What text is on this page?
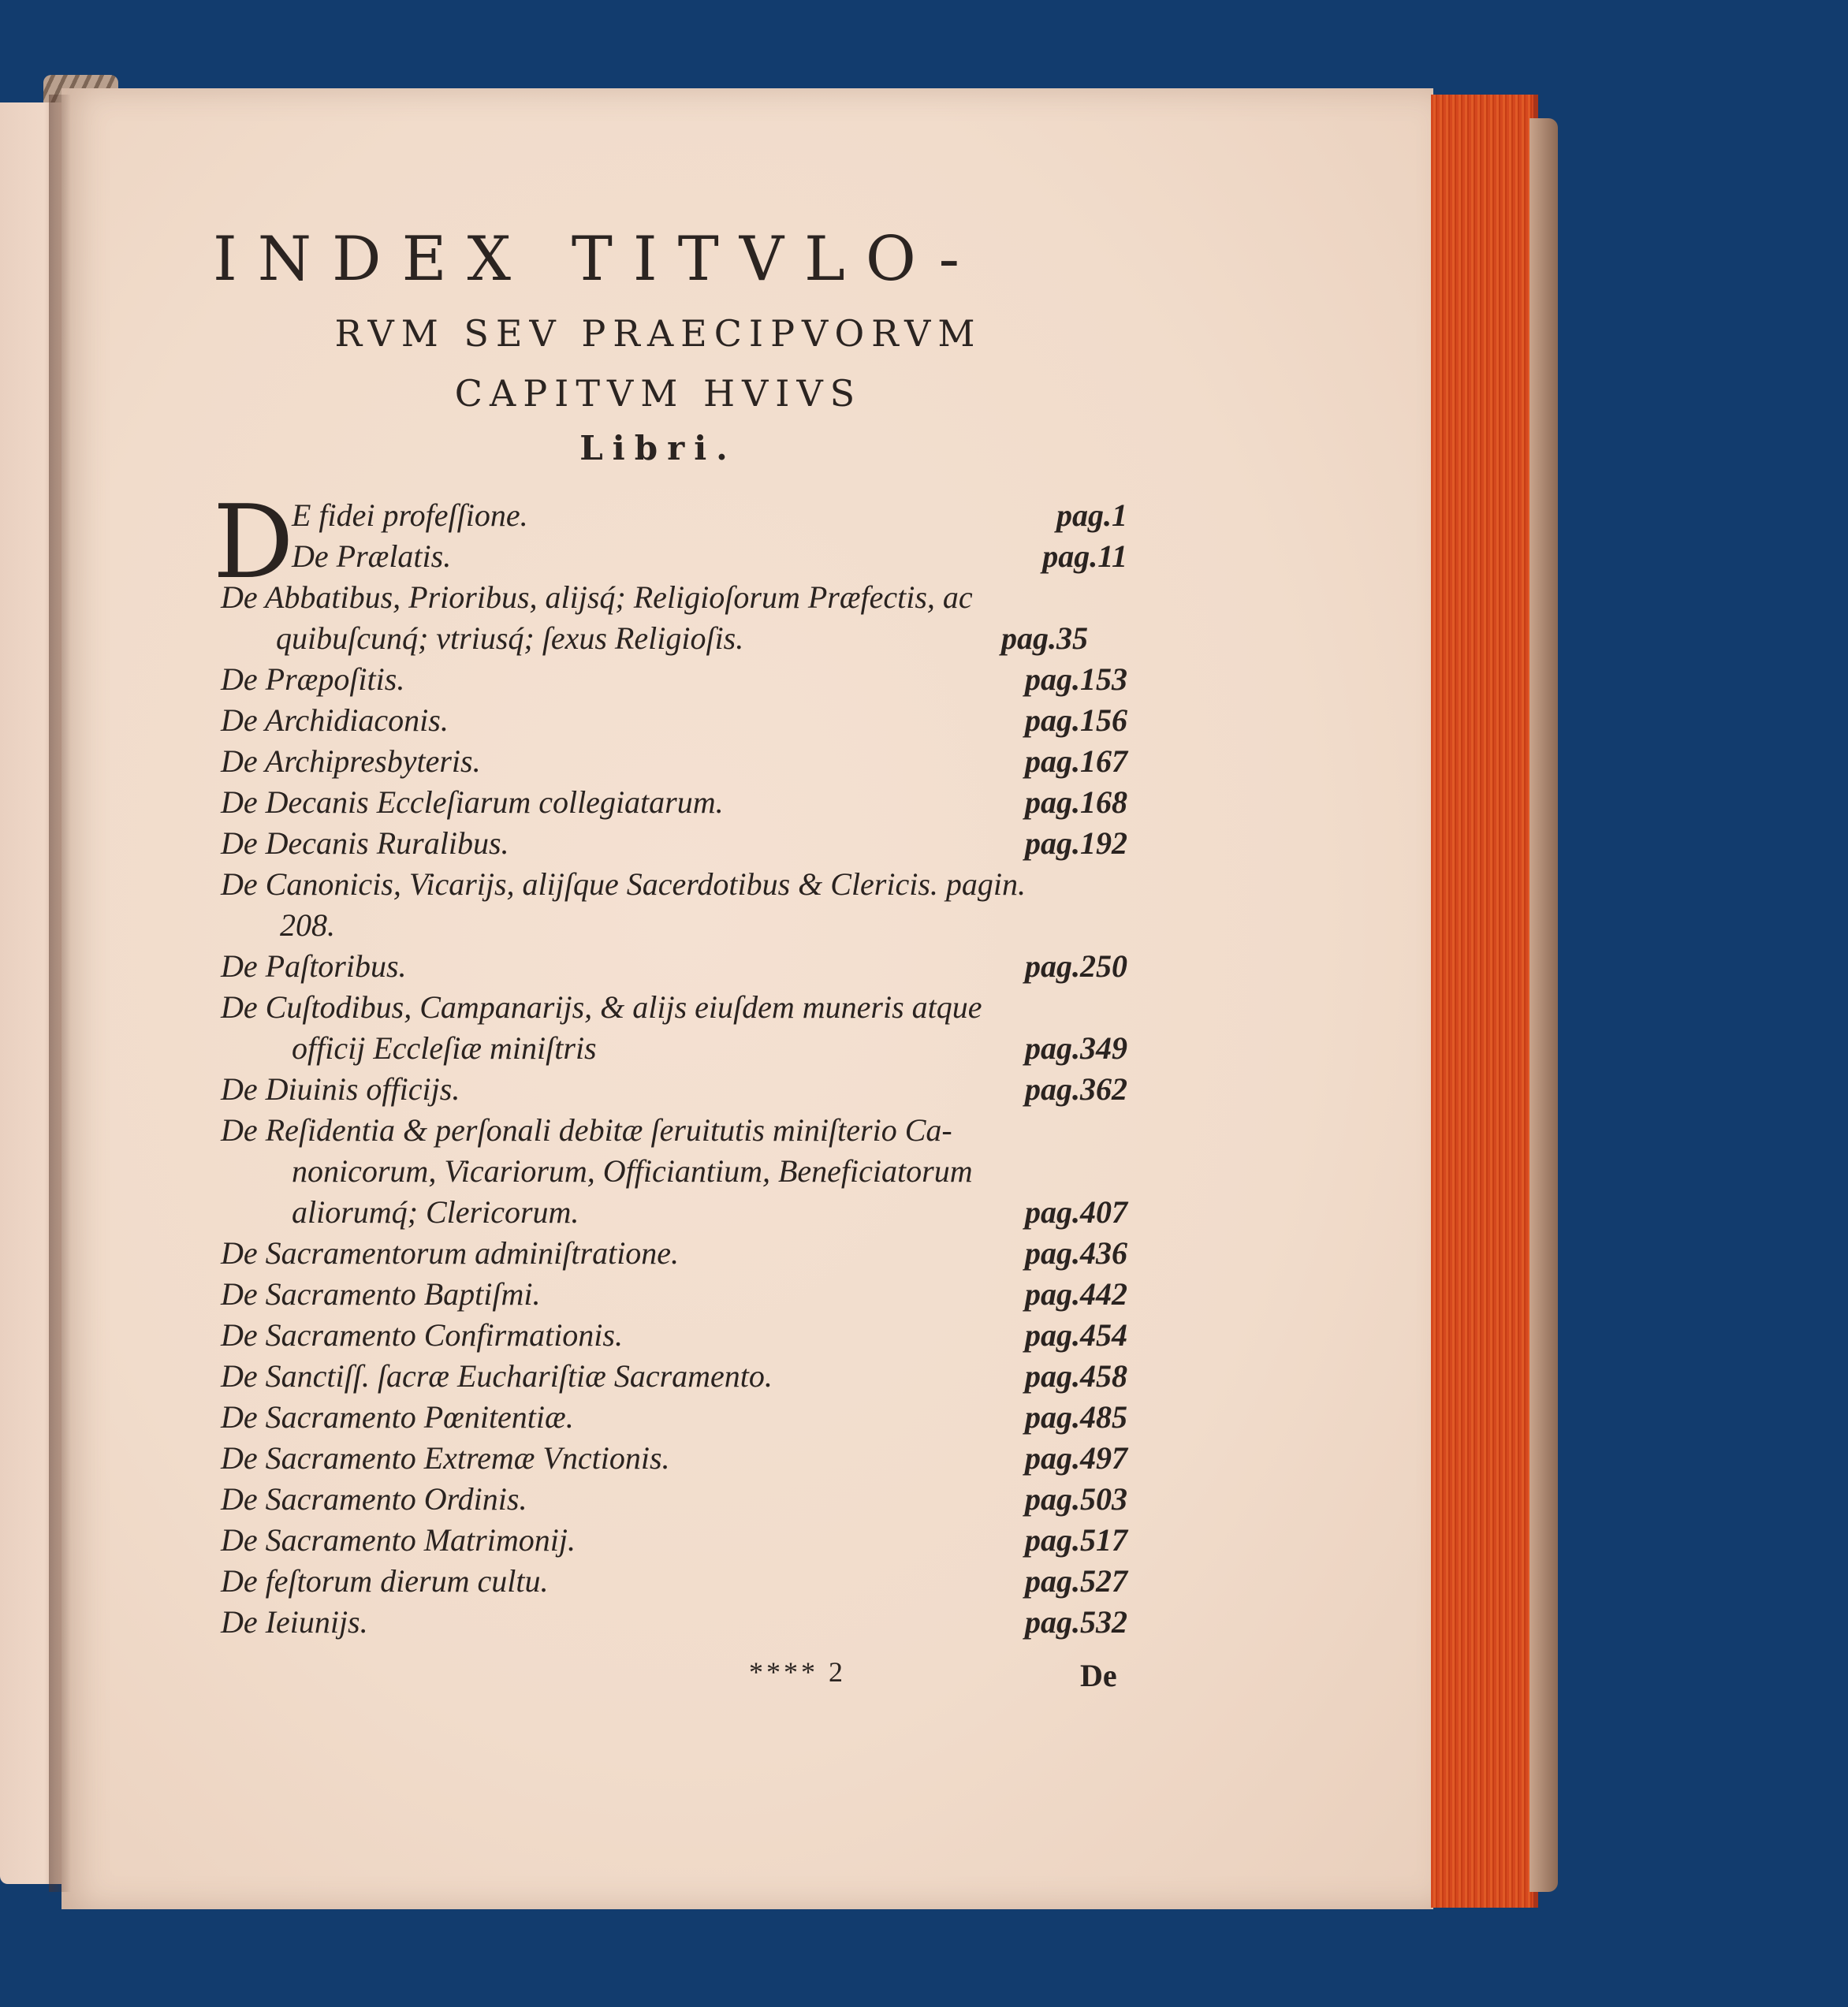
INDEX TITVLO-
RVM SEV PRAECIPVORVM
CAPITVM HVIVS
Libri.
D
E fidei profeſſione.	pag.1
De Prælatis.	pag.11
De Abbatibus, Prioribus, alijsq́; Religioſorum Præfectis, ac
quibuſcunq́; vtriusq́; ſexus Religioſis.	pag.35
De Præpoſitis.	pag.153
De Archidiaconis.	pag.156
De Archipresbyteris.	pag.167
De Decanis Eccleſiarum collegiatarum.	pag.168
De Decanis Ruralibus.	pag.192
De Canonicis, Vicarijs, aliјſque Sacerdotibus & Clericis. pagin.
208.
De Paſtoribus.	pag.250
De Cuſtodibus, Campanarijs, & alijs eiuſdem muneris atque
officij Eccleſiæ miniſtris	pag.349
De Diuinis officijs.	pag.362
De Reſidentia & perſonali debitæ ſeruitutis miniſterio Ca-
nonicorum, Vicariorum, Officiantium, Beneficiatorum
aliorumq́; Clericorum.	pag.407
De Sacramentorum adminiſtratione.	pag.436
De Sacramento Baptiſmi.	pag.442
De Sacramento Confirmationis.	pag.454
De Sanctiſſ. ſacræ Euchariſtiæ Sacramento.	pag.458
De Sacramento Pœnitentiæ.	pag.485
De Sacramento Extremæ Vnctionis.	pag.497
De Sacramento Ordinis.	pag.503
De Sacramento Matrimonij.	pag.517
De feſtorum dierum cultu.	pag.527
De Ieiunijs.	pag.532
**** 2	De
